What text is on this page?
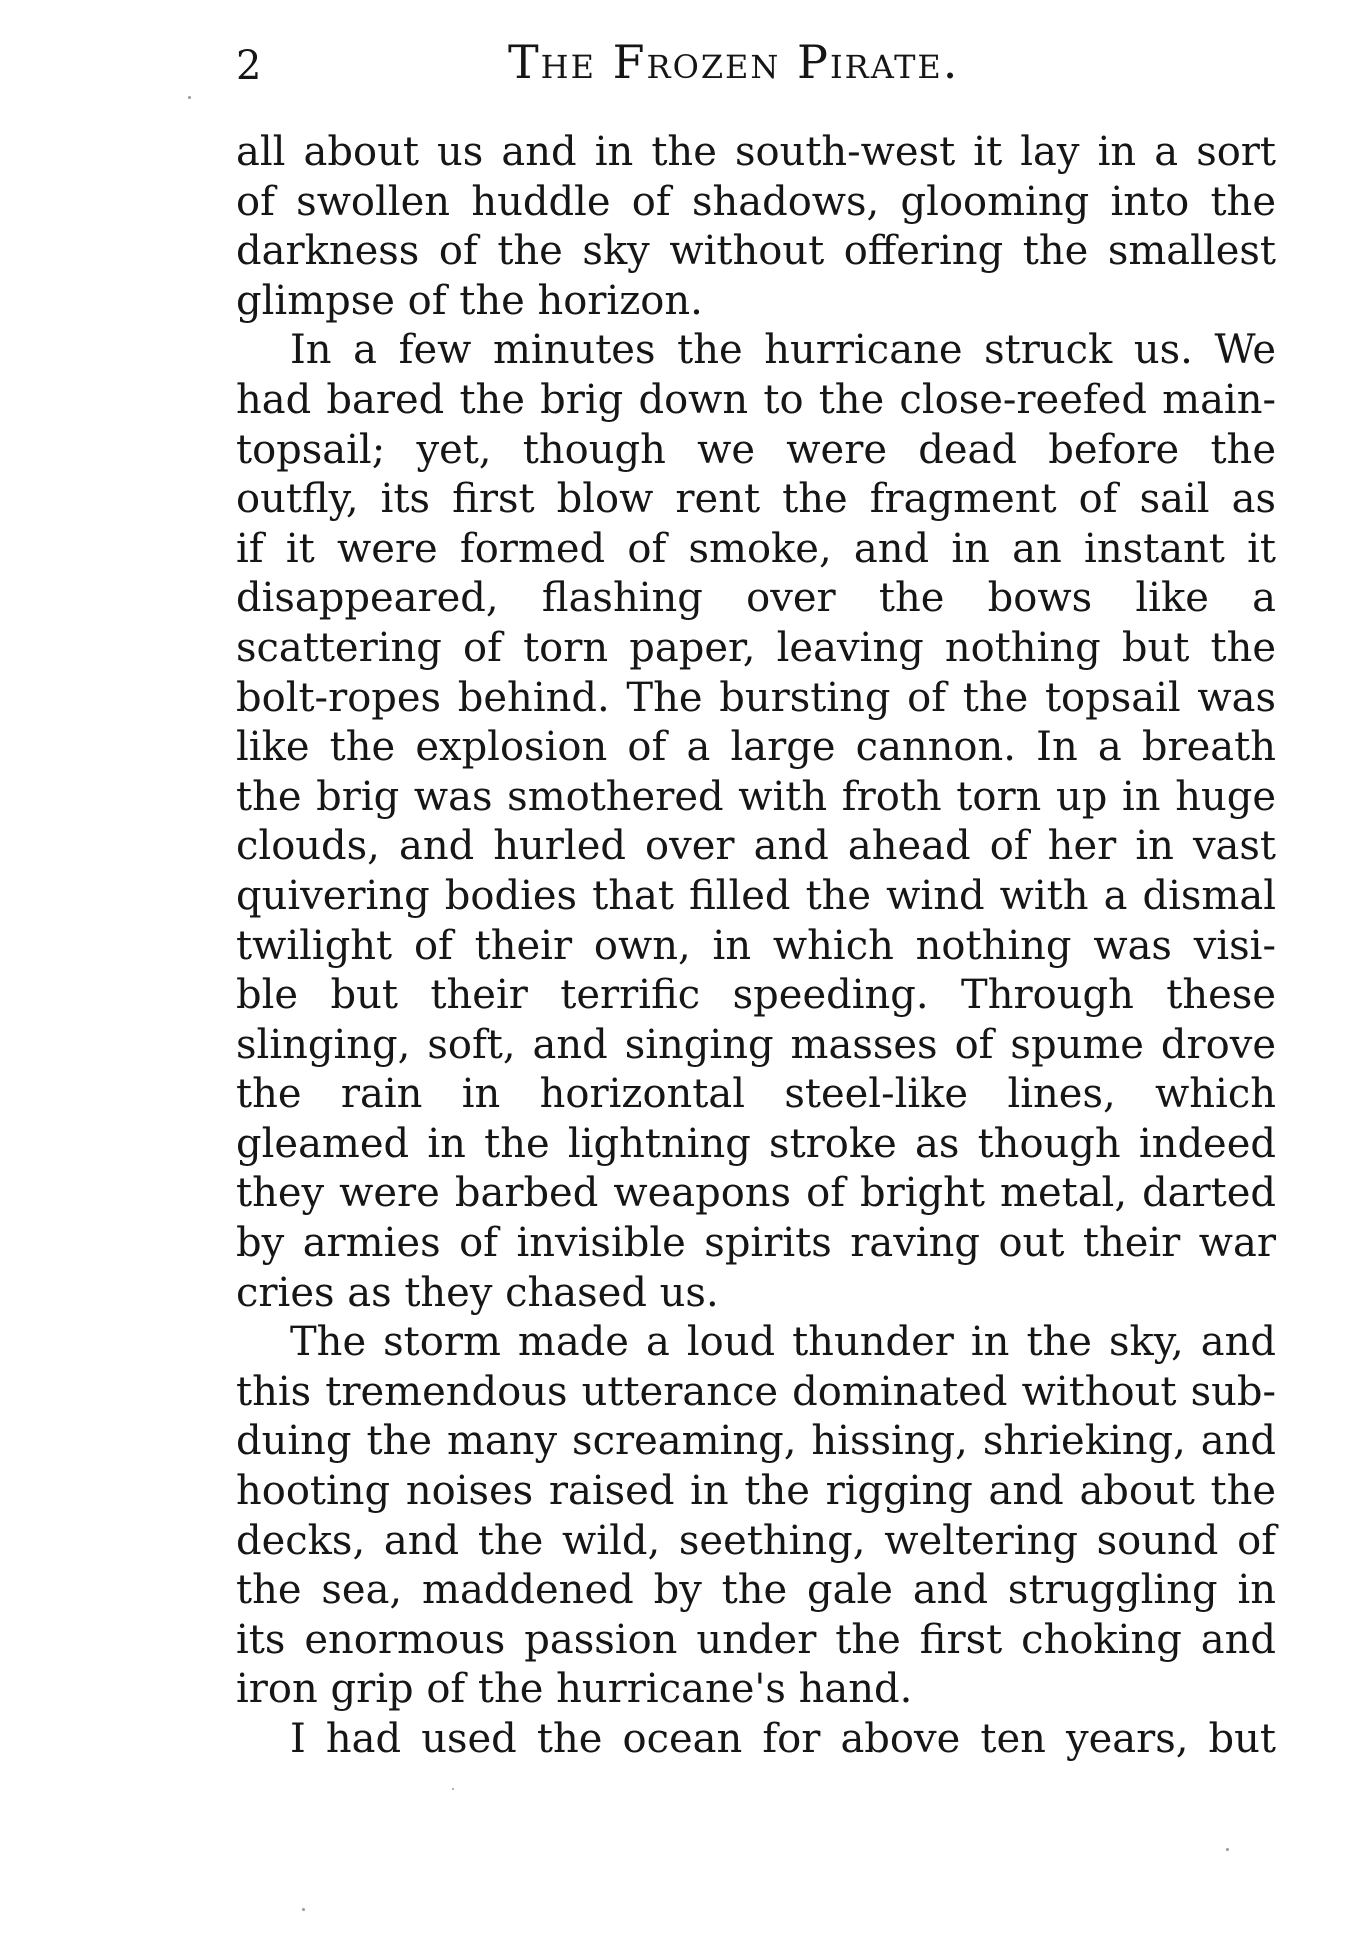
2	The Frozen Pirate.
all about us and in the south-west it lay in a sort
of swollen huddle of shadows, glooming into the
darkness of the sky without offering the smallest
glimpse of the horizon.
In a few minutes the hurricane struck us. We
had bared the brig down to the close-reefed main-
topsail; yet, though we were dead before the
outfly, its first blow rent the fragment of sail as
if it were formed of smoke, and in an instant it
disappeared, flashing over the bows like a
scattering of torn paper, leaving nothing but the
bolt-ropes behind. The bursting of the topsail was
like the explosion of a large cannon. In a breath
the brig was smothered with froth torn up in huge
clouds, and hurled over and ahead of her in vast
quivering bodies that filled the wind with a dismal
twilight of their own, in which nothing was visi-
ble but their terrific speeding. Through these
slinging, soft, and singing masses of spume drove
the rain in horizontal steel-like lines, which
gleamed in the lightning stroke as though indeed
they were barbed weapons of bright metal, darted
by armies of invisible spirits raving out their war
cries as they chased us.
The storm made a loud thunder in the sky, and
this tremendous utterance dominated without sub-
duing the many screaming, hissing, shrieking, and
hooting noises raised in the rigging and about the
decks, and the wild, seething, weltering sound of
the sea, maddened by the gale and struggling in
its enormous passion under the first choking and
iron grip of the hurricane's hand.
I had used the ocean for above ten years, but
